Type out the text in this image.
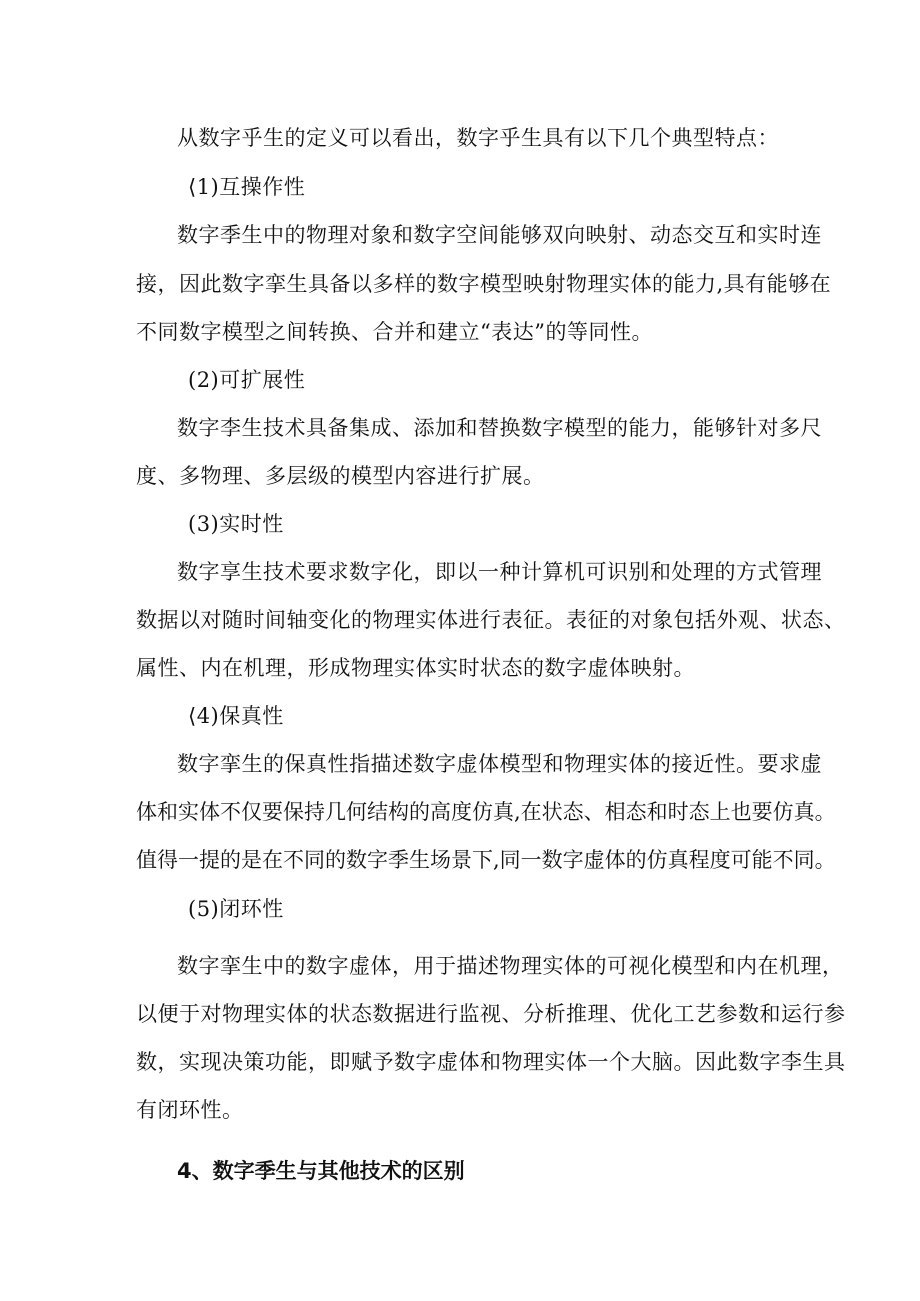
从数字乎生的定义可以看出，数字乎生具有以下几个典型特点：
⟨1)互操作性
数字季生中的物理对象和数字空间能够双向映射、动态交互和实时连
接，因此数字挛生具备以多样的数字模型映射物理实体的能力,具有能够在
不同数字模型之间转换、合并和建立“表达”的等同性。
(2)可扩展性
数字李生技术具备集成、添加和替换数字模型的能力，能够针对多尺
度、多物理、多层级的模型内容进行扩展。
(3)实时性
数字享生技术要求数字化，即以一种计算机可识别和处理的方式管理
数据以对随时间轴变化的物理实体进行表征。表征的对象包括外观、状态、
属性、内在机理，形成物理实体实时状态的数字虚体映射。
⟨4)保真性
数字挛生的保真性指描述数字虚体模型和物理实体的接近性。要求虚
体和实体不仅要保持几何结构的高度仿真,在状态、相态和时态上也要仿真。
值得一提的是在不同的数字季生场景下,同一数字虚体的仿真程度可能不同。
(5)闭环性
数字挛生中的数字虚体，用于描述物理实体的可视化模型和内在机理，
以便于对物理实体的状态数据进行监视、分析推理、优化工艺参数和运行参
数，实现决策功能，即赋予数字虚体和物理实体一个大脑。因此数字李生具
有闭环性。
4、数字季生与其他技术的区别
